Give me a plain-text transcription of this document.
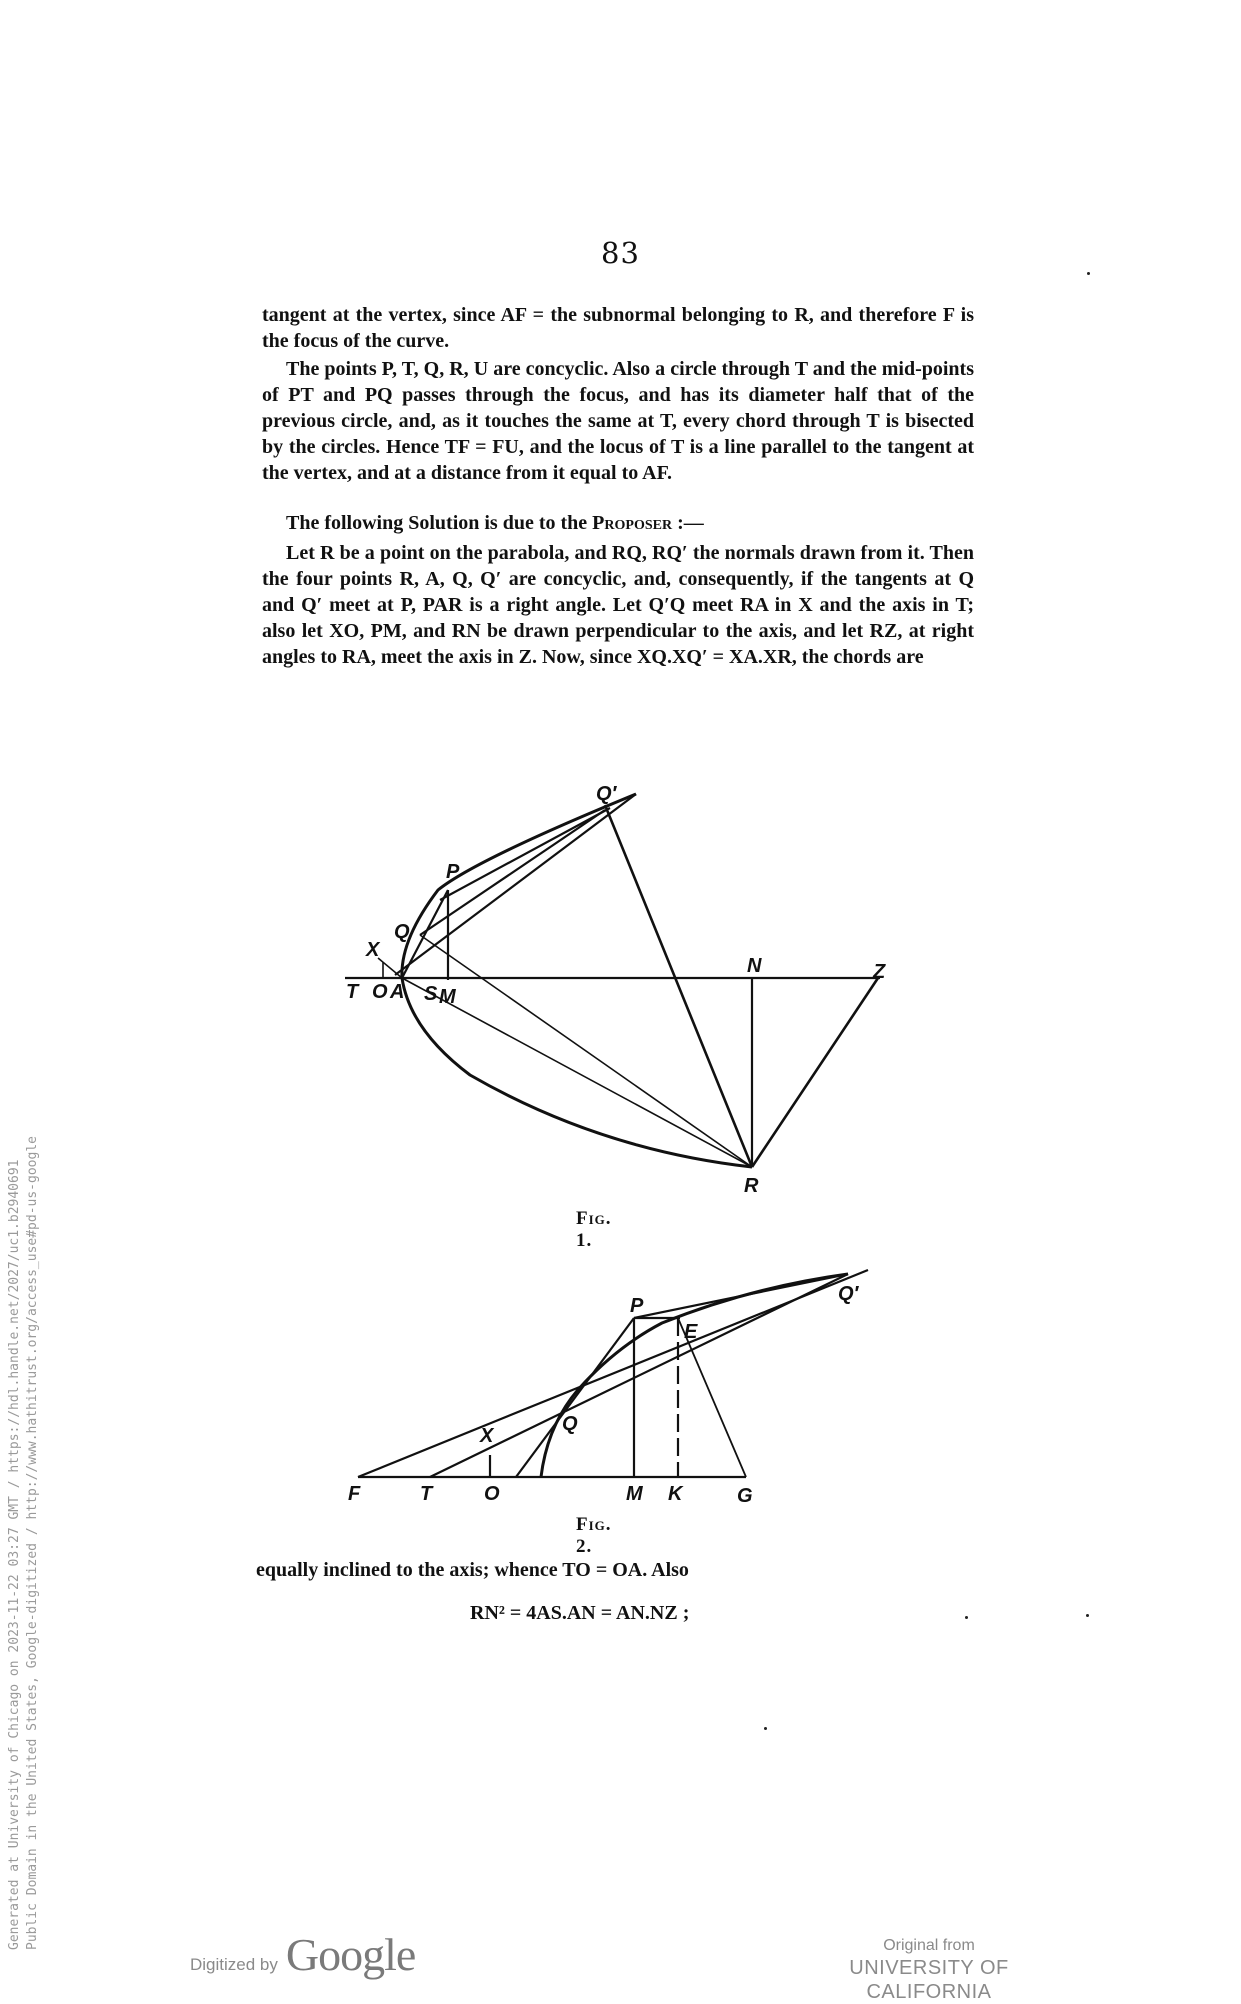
83

tangent at the vertex, since AF = the subnormal belonging to R, and therefore F is the focus of the curve.

The points P, T, Q, R, U are concyclic. Also a circle through T and the mid-points of PT and PQ passes through the focus, and has its diameter half that of the previous circle, and, as it touches the same at T, every chord through T is bisected by the circles. Hence TF = FU, and the locus of T is a line parallel to the tangent at the vertex, and at a distance from it equal to AF.

The following Solution is due to the Proposer :—

Let R be a point on the parabola, and RQ, RQ′ the normals drawn from it. Then the four points R, A, Q, Q′ are concyclic, and, consequently, if the tangents at Q and Q′ meet at P, PAR is a right angle. Let Q′Q meet RA in X and the axis in T; also let XO, PM, and RN be drawn perpendicular to the axis, and let RZ, at right angles to RA, meet the axis in Z. Now, since XQ.XQ′ = XA.XR, the chords are

Q′
P
Q
X
T O A S M
N	Z
R
Fig. 1.
P
E
Q′
X
Q
F	T	O	M K	G
Fig. 2.
equally inclined to the axis; whence TO = OA. Also
RN² = 4AS.AN = AN.NZ ;
Generated at University of Chicago on 2023-11-22 03:27 GMT / https://hdl.handle.net/2027/uc1.b2940691 Public Domain in the United States, Google-digitized / http://www.hathitrust.org/access_use#pd-us-google
Digitized by Google	Original from
UNIVERSITY OF CALIFORNIA
